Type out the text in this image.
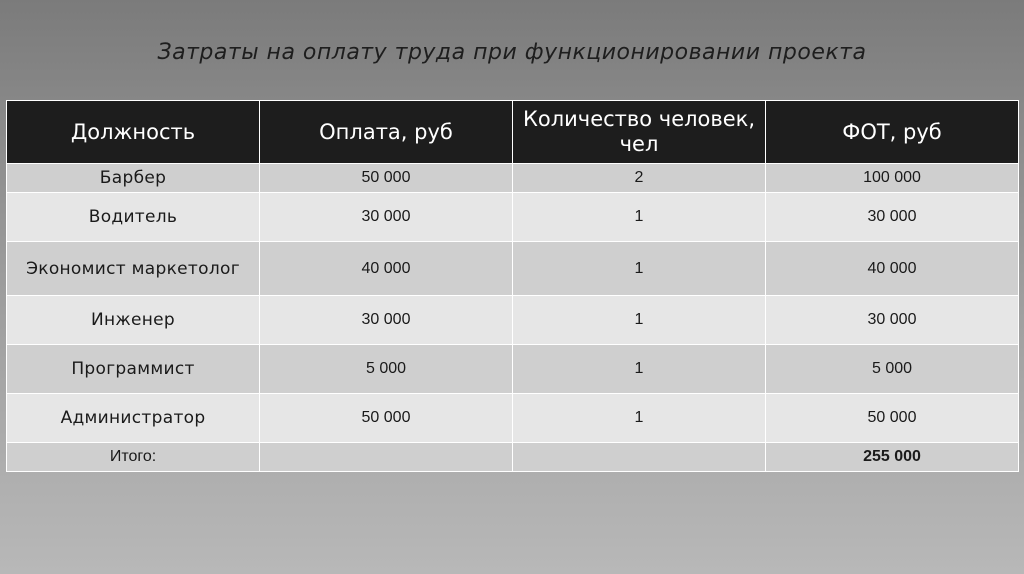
Затраты на оплату труда при функционировании проекта
Должность	Оплата, руб	Количество человек, чел	ФОТ, руб
Барбер	50 000	2	100 000
Водитель	30 000	1	30 000
Экономист маркетолог	40 000	1	40 000
Инженер	30 000	1	30 000
Программист	5 000	1	5 000
Администратор	50 000	1	50 000
Итого:			255 000
